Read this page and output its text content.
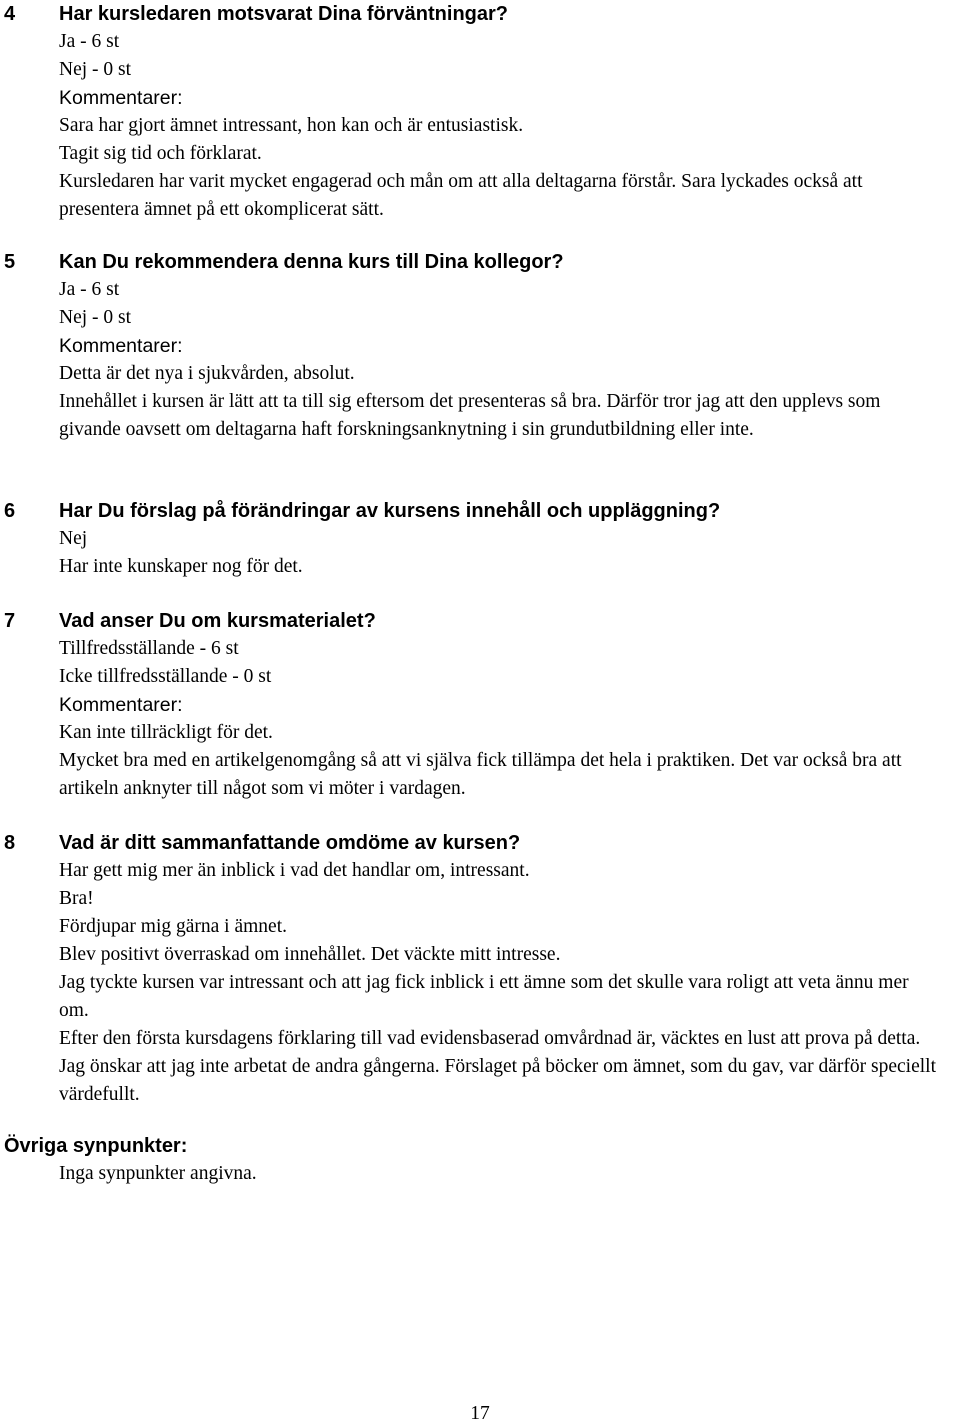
4 Har kursledaren motsvarat Dina förväntningar?
Ja - 6 st
Nej - 0 st
Kommentarer:
Sara har gjort ämnet intressant, hon kan och är entusiastisk.
Tagit sig tid och förklarat.
Kursledaren har varit mycket engagerad och mån om att alla deltagarna förstår. Sara lyckades också att presentera ämnet på ett okomplicerat sätt.
5 Kan Du rekommendera denna kurs till Dina kollegor?
Ja - 6 st
Nej - 0 st
Kommentarer:
Detta är det nya i sjukvården, absolut.
Innehållet i kursen är lätt att ta till sig eftersom det presenteras så bra. Därför tror jag att den upplevs som givande oavsett om deltagarna haft forskningsanknytning i sin grundutbildning eller inte.
6 Har Du förslag på förändringar av kursens innehåll och uppläggning?
Nej
Har inte kunskaper nog för det.
7 Vad anser Du om kursmaterialet?
Tillfredsställande - 6 st
Icke tillfredsställande - 0 st
Kommentarer:
Kan inte tillräckligt för det.
Mycket bra med en artikelgenomgång så att vi själva fick tillämpa det hela i praktiken. Det var också bra att artikeln anknyter till något som vi möter i vardagen.
8 Vad är ditt sammanfattande omdöme av kursen?
Har gett mig mer än inblick i vad det handlar om, intressant.
Bra!
Fördjupar mig gärna i ämnet.
Blev positivt överraskad om innehållet. Det väckte mitt intresse.
Jag tyckte kursen var intressant och att jag fick inblick i ett ämne som det skulle vara roligt att veta ännu mer om.
Efter den första kursdagens förklaring till vad evidensbaserad omvårdnad är, väcktes en lust att prova på detta. Jag önskar att jag inte arbetat de andra gångerna. Förslaget på böcker om ämnet, som du gav, var därför speciellt värdefullt.
Övriga synpunkter:
Inga synpunkter angivna.
17
